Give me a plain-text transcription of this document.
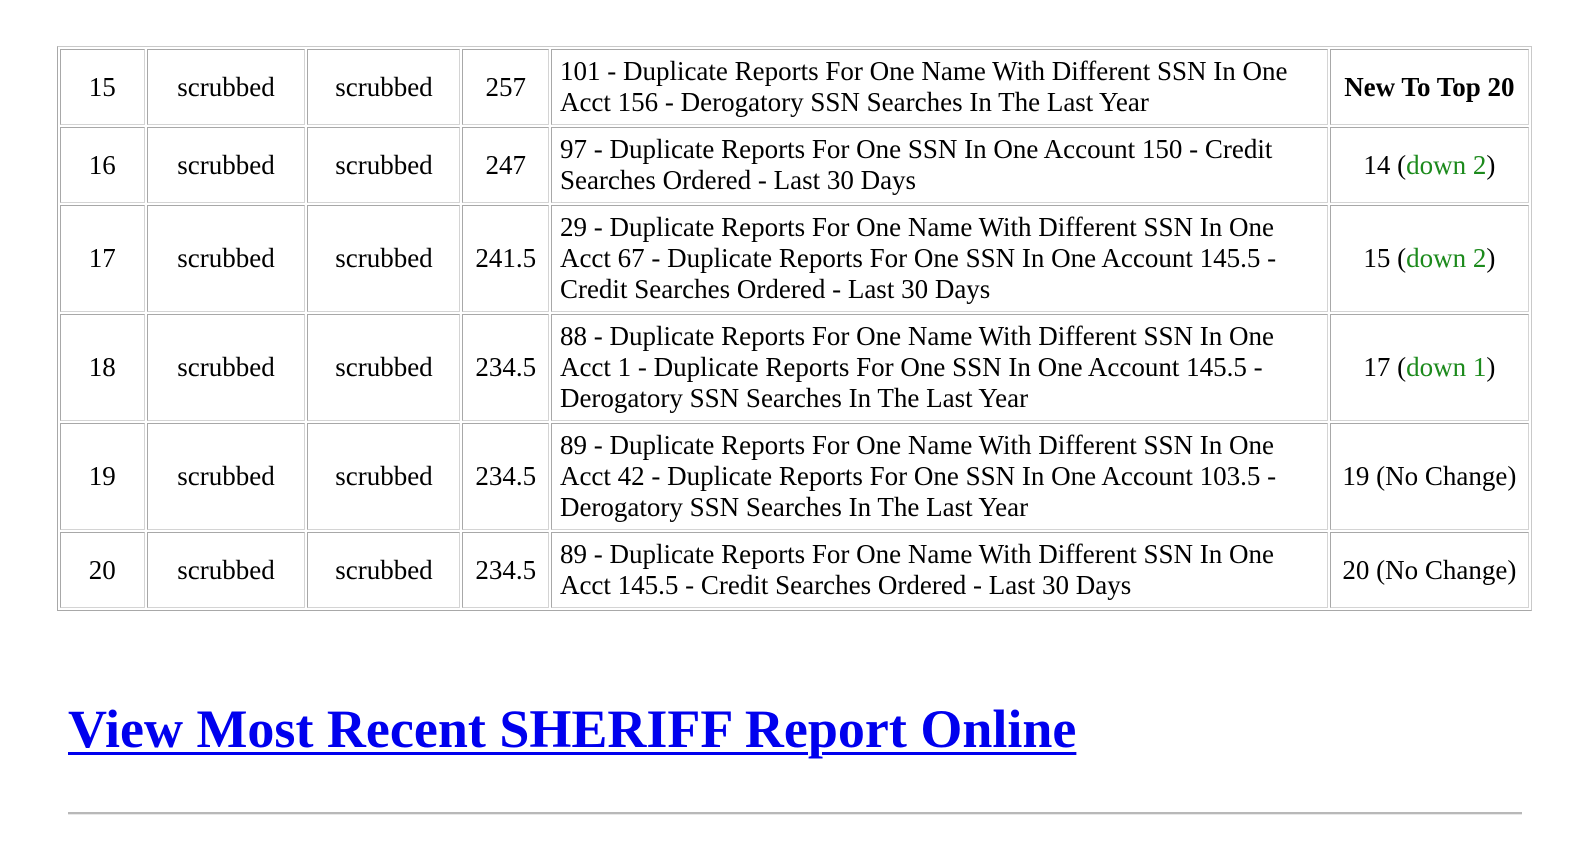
15	scrubbed	scrubbed	257	101 - Duplicate Reports For One Name With Different SSN In One Acct 156 - Derogatory SSN Searches In The Last Year	New To Top 20
16	scrubbed	scrubbed	247	97 - Duplicate Reports For One SSN In One Account 150 - Credit Searches Ordered - Last 30 Days	14 (down 2)
17	scrubbed	scrubbed	241.5	29 - Duplicate Reports For One Name With Different SSN In One Acct 67 - Duplicate Reports For One SSN In One Account 145.5 - Credit Searches Ordered - Last 30 Days	15 (down 2)
18	scrubbed	scrubbed	234.5	88 - Duplicate Reports For One Name With Different SSN In One Acct 1 - Duplicate Reports For One SSN In One Account 145.5 - Derogatory SSN Searches In The Last Year	17 (down 1)
19	scrubbed	scrubbed	234.5	89 - Duplicate Reports For One Name With Different SSN In One Acct 42 - Duplicate Reports For One SSN In One Account 103.5 - Derogatory SSN Searches In The Last Year	19 (No Change)
20	scrubbed	scrubbed	234.5	89 - Duplicate Reports For One Name With Different SSN In One Acct 145.5 - Credit Searches Ordered - Last 30 Days	20 (No Change)
View Most Recent SHERIFF Report Online
